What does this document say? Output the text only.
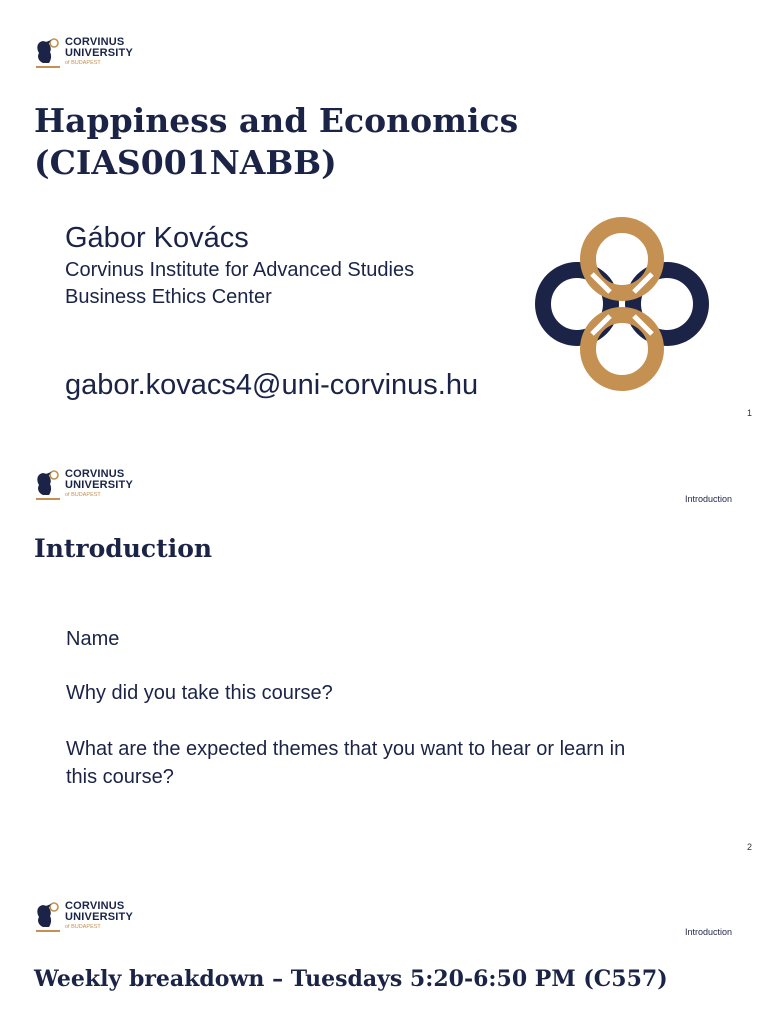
CORVINUS
UNIVERSITY
of BUDAPEST
Happiness and Economics
(CIAS001NABB)
Gábor Kovács
Corvinus Institute for Advanced Studies
Business Ethics Center
gabor.kovacs4@uni-corvinus.hu
1
CORVINUS
UNIVERSITY
of BUDAPEST	Introduction
Introduction
Name
Why did you take this course?
What are the expected themes that you want to hear or learn in
this course?
2
CORVINUS
UNIVERSITY
of BUDAPEST	Introduction
Weekly breakdown – Tuesdays 5:20-6:50 PM (C557)
